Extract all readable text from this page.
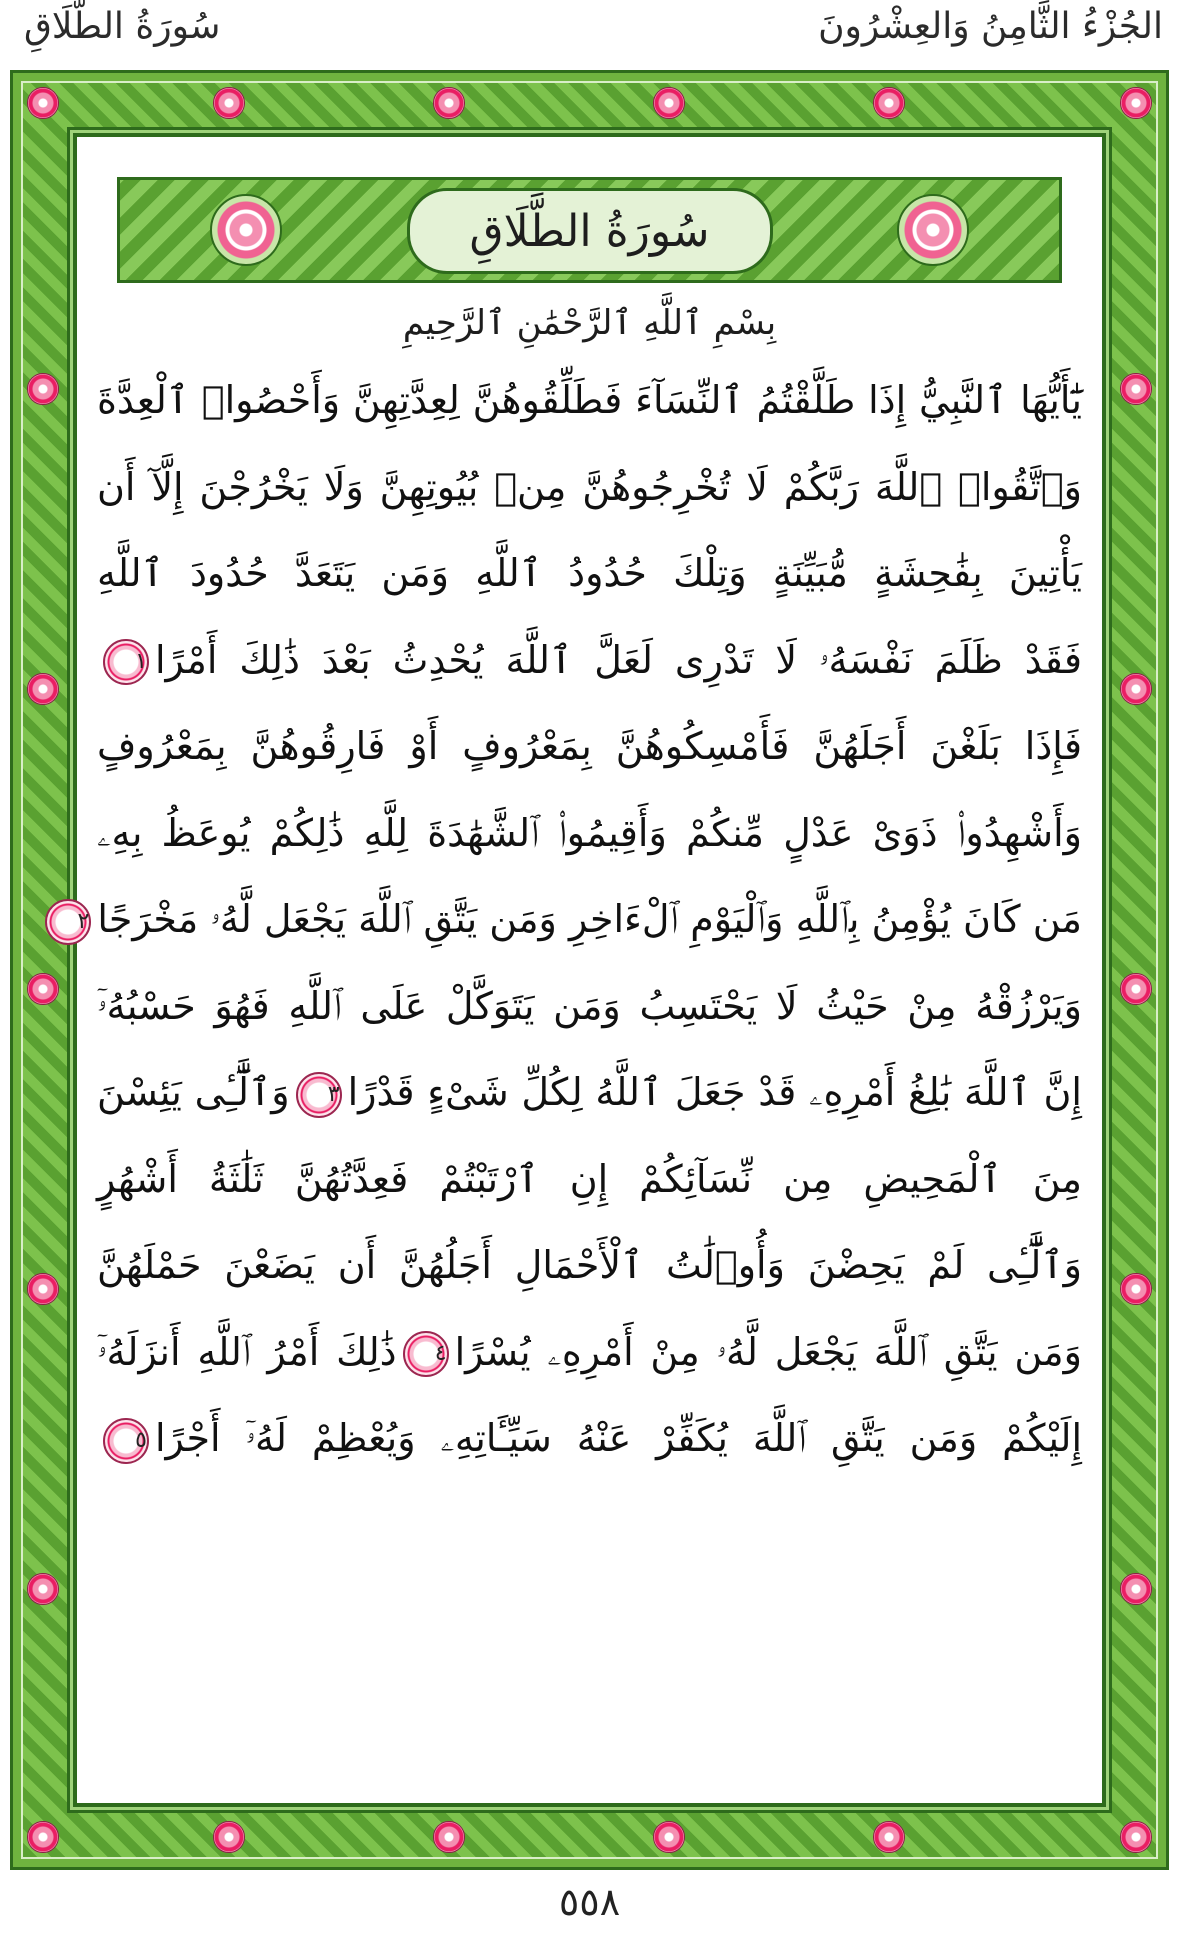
الجُزْءُ الثَّامِنُ وَالعِشْرُونَ
سُورَةُ الطَّلَاقِ
سُورَةُ الطَّلَاقِ
بِسْمِ ٱللَّهِ ٱلرَّحْمَٰنِ ٱلرَّحِيمِ
يَٰٓأَيُّهَا ٱلنَّبِيُّ إِذَا طَلَّقْتُمُ ٱلنِّسَآءَ فَطَلِّقُوهُنَّ لِعِدَّتِهِنَّ وَأَحْصُوا۟ ٱلْعِدَّةَ
وَٱتَّقُوا۟ ٱللَّهَ رَبَّكُمْ لَا تُخْرِجُوهُنَّ مِنۢ بُيُوتِهِنَّ وَلَا يَخْرُجْنَ إِلَّآ أَن
يَأْتِينَ بِفَٰحِشَةٍ مُّبَيِّنَةٍ وَتِلْكَ حُدُودُ ٱللَّهِ وَمَن يَتَعَدَّ حُدُودَ ٱللَّهِ
فَقَدْ ظَلَمَ نَفْسَهُۥ لَا تَدْرِى لَعَلَّ ٱللَّهَ يُحْدِثُ بَعْدَ ذَٰلِكَ أَمْرًا١
فَإِذَا بَلَغْنَ أَجَلَهُنَّ فَأَمْسِكُوهُنَّ بِمَعْرُوفٍ أَوْ فَارِقُوهُنَّ بِمَعْرُوفٍ
وَأَشْهِدُوا۟ ذَوَىْ عَدْلٍ مِّنكُمْ وَأَقِيمُوا۟ ٱلشَّهَٰدَةَ لِلَّهِ ذَٰلِكُمْ يُوعَظُ بِهِۦ
مَن كَانَ يُؤْمِنُ بِٱللَّهِ وَٱلْيَوْمِ ٱلْءَاخِرِ وَمَن يَتَّقِ ٱللَّهَ يَجْعَل لَّهُۥ مَخْرَجًا٢
وَيَرْزُقْهُ مِنْ حَيْثُ لَا يَحْتَسِبُ وَمَن يَتَوَكَّلْ عَلَى ٱللَّهِ فَهُوَ حَسْبُهُۥٓ
إِنَّ ٱللَّهَ بَٰلِغُ أَمْرِهِۦ قَدْ جَعَلَ ٱللَّهُ لِكُلِّ شَىْءٍ قَدْرًا٣وَٱلَّٰٓـِٔى يَئِسْنَ
مِنَ ٱلْمَحِيضِ مِن نِّسَآئِكُمْ إِنِ ٱرْتَبْتُمْ فَعِدَّتُهُنَّ ثَلَٰثَةُ أَشْهُرٍ
وَٱلَّٰٓـِٔى لَمْ يَحِضْنَ وَأُو۟لَٰتُ ٱلْأَحْمَالِ أَجَلُهُنَّ أَن يَضَعْنَ حَمْلَهُنَّ
وَمَن يَتَّقِ ٱللَّهَ يَجْعَل لَّهُۥ مِنْ أَمْرِهِۦ يُسْرًا٤ذَٰلِكَ أَمْرُ ٱللَّهِ أَنزَلَهُۥٓ
إِلَيْكُمْ وَمَن يَتَّقِ ٱللَّهَ يُكَفِّرْ عَنْهُ سَيِّـَٔاتِهِۦ وَيُعْظِمْ لَهُۥٓ أَجْرًا٥
٥٥٨
